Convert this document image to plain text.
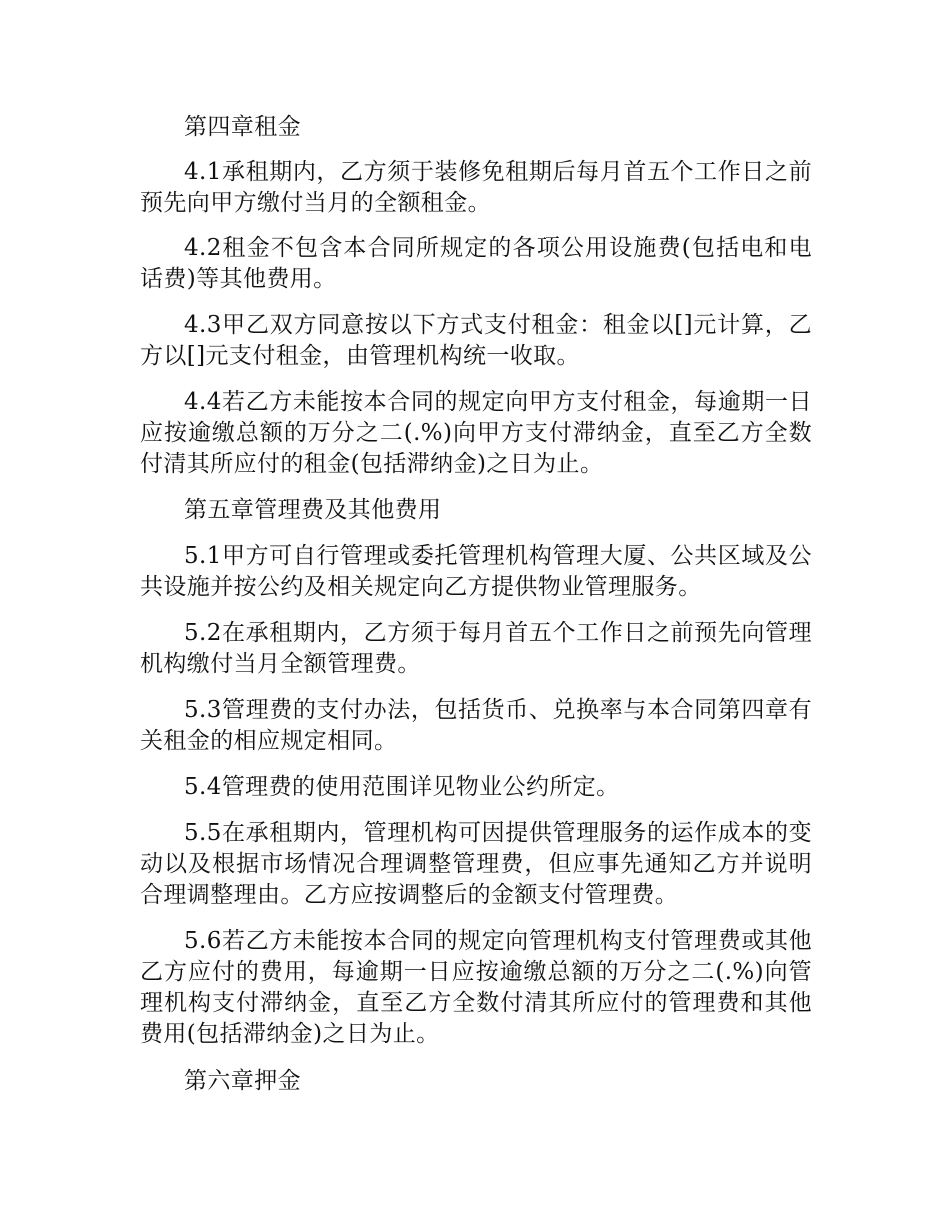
第四章租金
4.1承租期内，乙方须于装修免租期后每月首五个工作日之前预先向甲方缴付当月的全额租金。
4.2租金不包含本合同所规定的各项公用设施费(包括电和电话费)等其他费用。
4.3甲乙双方同意按以下方式支付租金：租金以[]元计算，乙方以[]元支付租金，由管理机构统一收取。
4.4若乙方未能按本合同的规定向甲方支付租金，每逾期一日应按逾缴总额的万分之二(.%)向甲方支付滞纳金，直至乙方全数付清其所应付的租金(包括滞纳金)之日为止。
第五章管理费及其他费用
5.1甲方可自行管理或委托管理机构管理大厦、公共区域及公共设施并按公约及相关规定向乙方提供物业管理服务。
5.2在承租期内，乙方须于每月首五个工作日之前预先向管理机构缴付当月全额管理费。
5.3管理费的支付办法，包括货币、兑换率与本合同第四章有关租金的相应规定相同。
5.4管理费的使用范围详见物业公约所定。
5.5在承租期内，管理机构可因提供管理服务的运作成本的变动以及根据市场情况合理调整管理费，但应事先通知乙方并说明合理调整理由。乙方应按调整后的金额支付管理费。
5.6若乙方未能按本合同的规定向管理机构支付管理费或其他乙方应付的费用，每逾期一日应按逾缴总额的万分之二(.%)向管理机构支付滞纳金，直至乙方全数付清其所应付的管理费和其他费用(包括滞纳金)之日为止。
第六章押金
